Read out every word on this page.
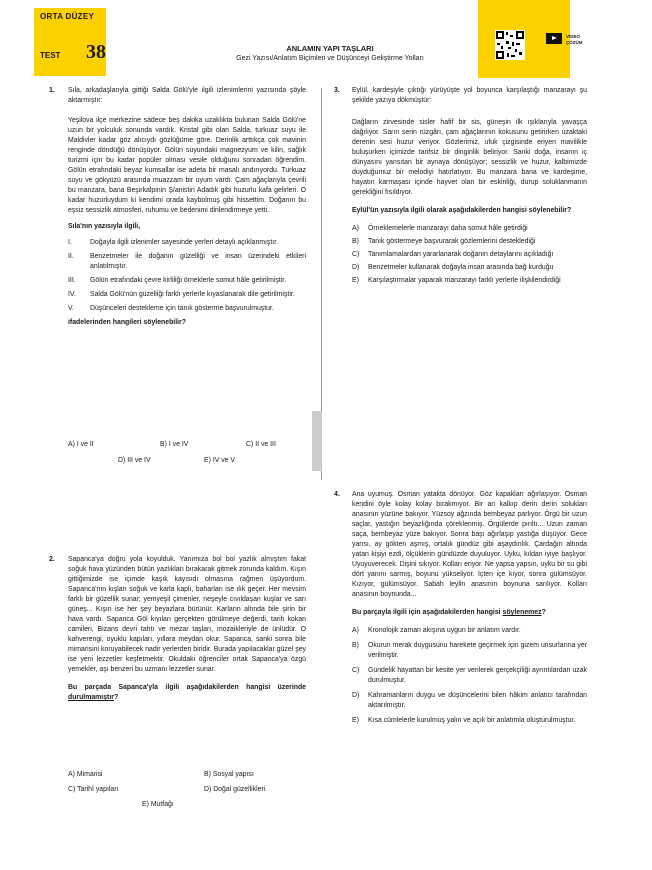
ORTA DÜZEY
TEST 38	ANLAMIN YAPI TAŞLARI
Gezi Yazısı/Anlatım Biçimleri ve Düşünceyi Geliştirme Yolları
VİDEO ÇÖZÜM
1. Sıla, arkadaşlarıyla gittiği Salda Gölü'yle ilgili izlenimlerini yazısında şöyle aktarmıştır:

Yeşilova ilçe merkezine sadece beş dakika uzaklıkta bulunan Salda Gölü'ne uzun bir yolculuk sonunda vardık. Kristal gibi olan Salda, turkuaz suyu ile Maldivler kadar göz alıcıydı gözlüğüme göre. Derinlik arttıkça çok mavinin renginde döndüğü dönüşüyor. Gölün suyundaki magnezyum ve kilin, sağlık turizmi için bu kadar popüler olması vesile olduğunu sonradan öğrendim. Gölün etrafındaki beyaz kumsallar ise adeta bir masalı andırıyordu. Turkuaz suyu ve gökyüzü arasında muazzam bir uyum vardı. Çam ağaçlarıyla çevrili bu manzara, bana Beşirkalpinin Ş/anistiri Adadık gibi huzurlu kafa gelirleri. O kadar huzurluydum ki kendimi orada kaybolmuş gibi hissettim. Doğanın bu eşsiz sessizlik atmosferi, ruhumu ve bedenimi dinlendirmeye yetti.

Sıla'nın yazısıyla ilgili,

I.	Doğayla ilgili izlenimler sayesinde yerleri detaylı açıklanmıştır.
II.	Benzetmeler ile doğanın güzelliği ve insan üzerindeki etkileri anlatılmıştır.
III.	Gölün etrafındaki çevre kirliliği örneklerle somut hâle getirilmiştir.
IV.	Salda Gölü'nün güzelliği farklı yerlerle kıyaslanarak dile getirilmiştir.
V.	Düşünceleri destekleme için tanık gösterme başvurulmuştur.

ifadelerinden hangileri söylenebilir?

A) I ve II	B) I ve IV	C) II ve III
D) III ve IV	E) IV ve V
2. Sapanca'ya doğru yola koyulduk. Yanımıza bol bol yazlık almıştım fakat soğuk hava yüzünden bütün yazlıkları bırakarak gitmek zorunda kaldım. Kışın gittiğimizde ise içimde kaşık kayısıdı olmasına rağmen üşüyordum. Sapanca'nın kışları soğuk ve karla kaplı, baharları ise ılık geçer. Her mevsim farklı bir güzellik sunar; yemyeşil çimenler, neşeyle cıvıldaşan kuşlar ve sarı güneş... Kışın ise her şey beyazlara bürünür. Karların altında bile şirin bir hava vardı. Sapanca Göl kıyıları gerçekten görülmeye değerdi, tarih kokan camileri, Bizans devri tahtı ve mezar taşları, mozaikleriyle de ünlüdür. O kahverengi, oyuklu kapıları, yıllara meydan okur. Sapanca, sanki sonra bile mimarisini koruyabilecek nadir yerlerden biridir. Burada yapılacaklar güzel şey ise yeni lezzetler keşfetmektir. Okuldaki öğrenciler ortak Sapanca'ya özgü yemekler, aşı benzeri bu uzmanı lezzetler sunar.

Bu parçada Sapanca'yla ilgili aşağıdakilerden hangisi üzerinde durulmamıştır?

A) Mimarisi	B) Sosyal yapısı
C) Tarihî yapıları	D) Doğal güzellikleri
E) Mutfağı
3. Eylül, kardeşiyle çıktığı yürüyüşte yol boyunca karşılaştığı manzarayı şu şekilde yazıya dökmüştür:

Dağların zirvesinde sisler hafif bir sis, güneşin ilk ışıklarıyla yavaşça dağılıyor. Sarın serin rüzgârı, çam ağaçlarının kokusunu getirirken uzaktaki derenin sesi huzur veriyor. Gözlerimiz, ufuk çizgisinde eriyen mavilikle buluşurken içimizde tarifsiz bir dinginlik beliriyor. Sanki doğa, insanın iç dünyasını yansıtan bir aynaya dönüşüyor; sessizlik ve huzur, kalbimizde duyduğumuz bir melodiyi hatırlatıyor. Bu manzara bana ve kardeşime, hayatın karmaşası içinde hayvet olan bir eskinliği, durup soluklanmanın gerekliğini fısıldıyor.

Eylül'ün yazısıyla ilgili olarak aşağıdakilerden hangisi söylenebilir?

A)	Örneklemelerle manzarayı daha somut hâle getirdiği
B)	Tanık göstermeye başvurarak gözlemlerini desteklediği
C)	Tanımlamalardan yararlanarak doğanın detaylarını açıkladığı
D)	Benzetmeler kullanarak doğayla insan arasında bağ kurduğu
E)	Karşılaştırmalar yaparak manzarayı farklı yerlerle ilişkilendirdiği
4. Ana uyumuş. Osman yatakta dönüyor. Göz kapakları ağırlaşıyor. Osman kendini öyle kolay kolay bırakmıyor. Bir an kalkıp derin derin solukları anasının yüzüne bakıyor. Yüzsoy ağzında bembeyaz parlıyor. Örgü bir uzun saçlar, yastığın beyazlığında çöreklenmiş. Örgülerde pırıltı... Uzun zaman saça, bembeyaz yüze bakıyor. Sonra başı ağırlaşıp yastığa düşüyor. Gece yarısı, ay gökten aşmış, ortalık gündüz gibi aşaydınlık. Çardağın altında yatan kişiyi ezdi, ölçüklerin gündüzde duyuluyor. Uyku, kıldan iyiye başlıyor. Uyuyuverecek. Dişini sıkıyor. Kolları eriyor. Ne yapsa yapsın, uyku bir su gibi dört yanını sarmış, boyunu yükseliyor. İçten içe kıyor, sonra gülümsüyor. Kızıyor, gülümsüyor. Sabah leylin anasının boynuna sarılıyor. Kolları anasının boynunda...

Bu parçayla ilgili için aşağıdakilerden hangisi söylenemez?

A)	Kronolojik zaman akışına uygun bir anlatım vardır.
B)	Okurun merak duygusunu harekete geçirmek için gizem unsurlarına yer verilmiştir.
C)	Gündelik hayattan bir kesite yer verilerek gerçekçiliği ayrıntılardan uzak durulmuştur.
D)	Kahramanların duygu ve düşüncelerini bilen hâkim anlatıcı tarafından aktarılmıştır.
E)	Kısa cümlelerle kurulmuş yalın ve açık bir anlatımla oluşturulmuştur.
